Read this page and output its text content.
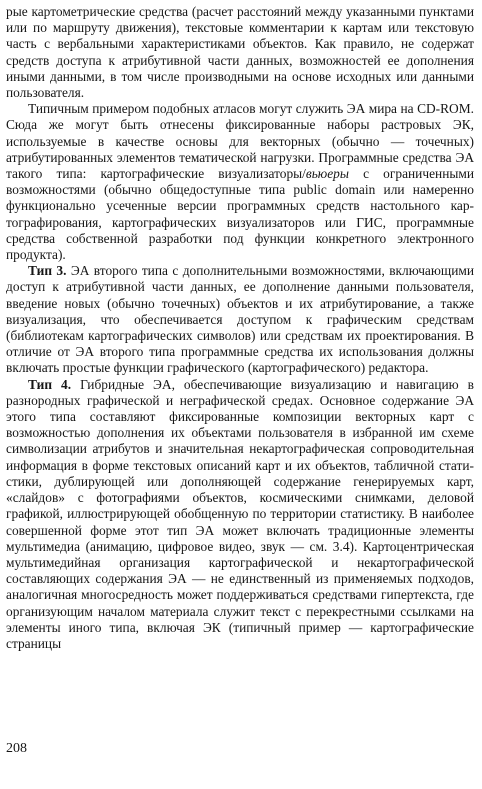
рые картометрические средства (расчет расстояний между указанными пунктами или по маршруту движения), текстовые комментарии к картам или текстовую часть с вербальными характеристиками объектов. Как правило, не содержат средств доступа к атрибутивной части данных, возможностей ее дополнения иными данными, в том числе производными на основе исходных или данными пользователя.

Типичным примером подобных атласов могут служить ЭА мира на CD-ROM. Сюда же могут быть отнесены фиксированные наборы растровых ЭК, используемые в качестве основы для векторных (обычно — точечных) атрибутированных элементов тематической нагрузки. Программные средства ЭА такого типа: картографические визуализаторы/вьюеры с ограниченными возможностями (обычно общедоступные типа public domain или намеренно функционально усеченные версии программных средств настольного картографирования, картографических визуализаторов или ГИС, программные средства собственной разработки под функции конкретного электронного продукта).

Тип 3. ЭА второго типа с дополнительными возможностями, включающими доступ к атрибутивной части данных, ее дополнение данными пользователя, введение новых (обычно точечных) объектов и их атрибутирование, а также визуализация, что обеспечивается доступом к графическим средствам (библиотекам картографических символов) или средствам их проектирования. В отличие от ЭА второго типа программные средства их использования должны включать простые функции графического (картографического) редактора.

Тип 4. Гибридные ЭА, обеспечивающие визуализацию и навигацию в разнородных графической и неграфической средах. Основное содержание ЭА этого типа составляют фиксированные композиции векторных карт с возможностью дополнения их объектами пользователя в избранной им схеме символизации атрибутов и значительная некартографическая сопроводительная информация в форме текстовых описаний карт и их объектов, табличной статистики, дублирующей или дополняющей содержание генерируемых карт, «слайдов» с фотографиями объектов, космическими снимками, деловой графикой, иллюстрирующей обобщенную по территории статистику. В наиболее совершенной форме этот тип ЭА может включать традиционные элементы мультимедиа (анимацию, цифровое видео, звук — см. 3.4). Картоцентрическая мультимедийная организация картографической и некартографической составляющих содержания ЭА — не единственный из применяемых подходов, аналогичная многосредность может поддерживаться средствами гипертекста, где организующим началом материала служит текст с перекрестными ссылками на элементы иного типа, включая ЭК (типичный пример — картографические страницы

208
